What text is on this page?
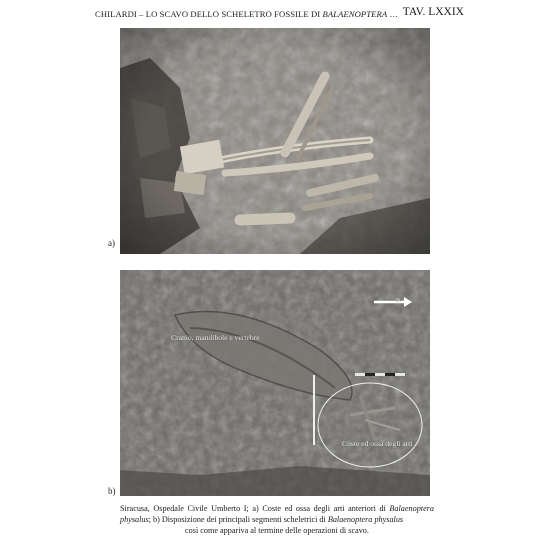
CHILARDI – LO SCAVO DELLO SCHELETRO FOSSILE DI BALAENOPTERA … TAV. LXXIX
a)
N
Cranio, mandibole e vertebre
Coste ed ossa degli arti
b)
Siracusa, Ospedale Civile Umberto I; a) Coste ed ossa degli arti anteriori di Balaenoptera physalus; b) Disposizione dei principali segmenti scheletrici di Balaenoptera physalus
così come appariva al termine delle operazioni di scavo.
